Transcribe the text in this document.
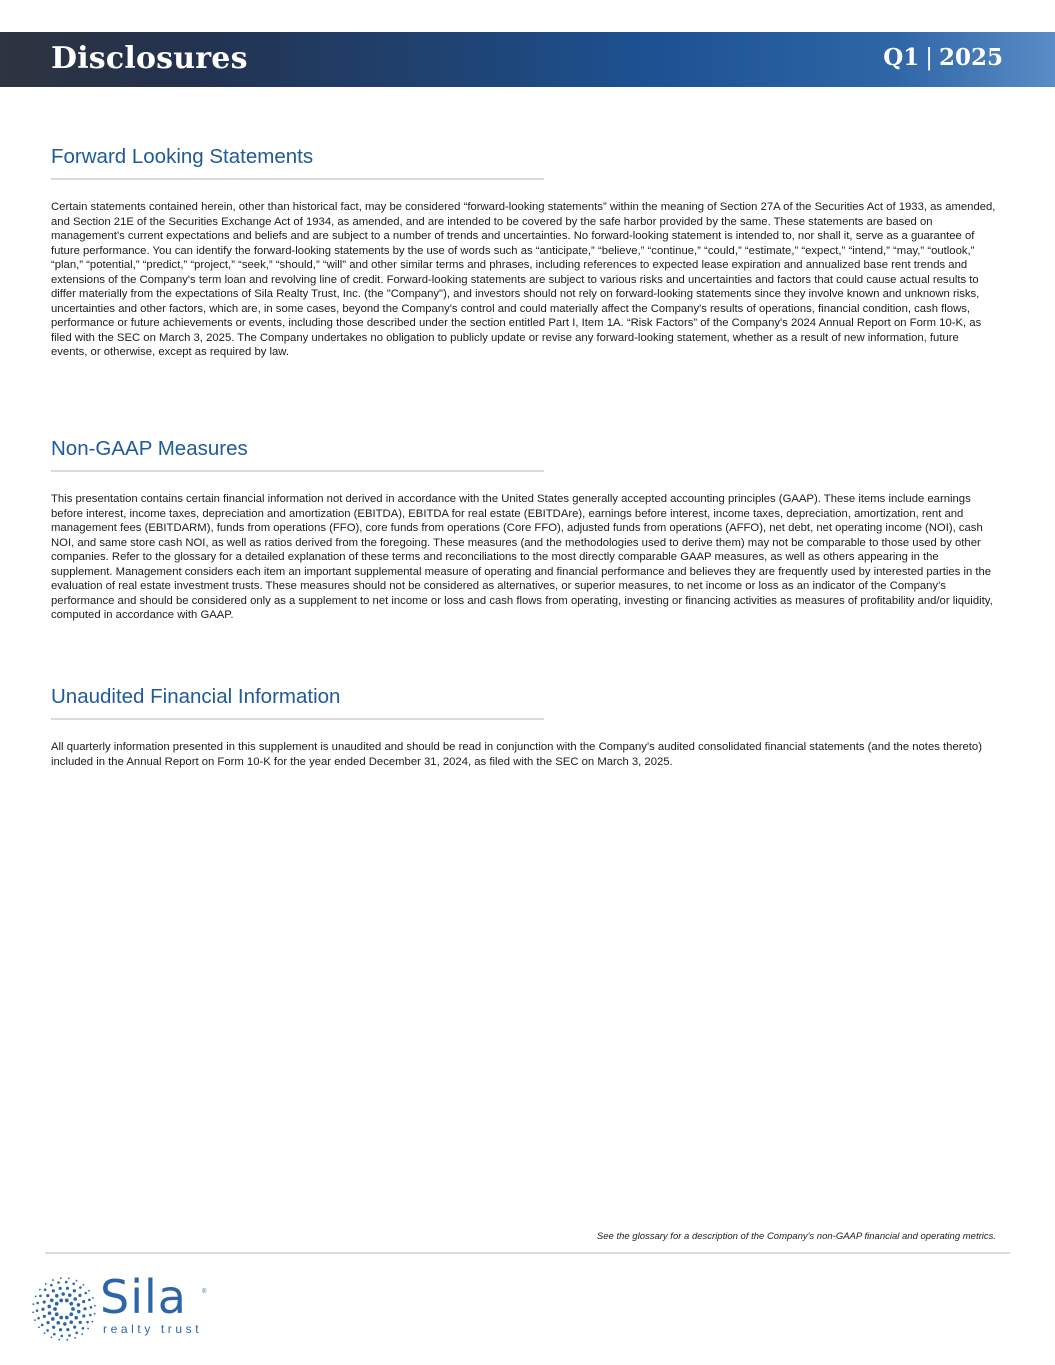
Disclosures	Q1 | 2025
Forward Looking Statements

Certain statements contained herein, other than historical fact, may be considered “forward-looking statements” within the meaning of Section 27A of the Securities Act of 1933, as amended, and Section 21E of the Securities Exchange Act of 1934, as amended, and are intended to be covered by the safe harbor provided by the same. These statements are based on management's current expectations and beliefs and are subject to a number of trends and uncertainties. No forward-looking statement is intended to, nor shall it, serve as a guarantee of future performance. You can identify the forward-looking statements by the use of words such as “anticipate,” “believe,” “continue,” “could,” “estimate,” “expect,” “intend,” “may,” “outlook,” “plan,” “potential,” “predict,” “project,” “seek,” “should,” “will” and other similar terms and phrases, including references to expected lease expiration and annualized base rent trends and extensions of the Company's term loan and revolving line of credit. Forward-looking statements are subject to various risks and uncertainties and factors that could cause actual results to differ materially from the expectations of Sila Realty Trust, Inc. (the "Company"), and investors should not rely on forward-looking statements since they involve known and unknown risks, uncertainties and other factors, which are, in some cases, beyond the Company's control and could materially affect the Company's results of operations, financial condition, cash flows, performance or future achievements or events, including those described under the section entitled Part I, Item 1A. “Risk Factors” of the Company's 2024 Annual Report on Form 10-K, as filed with the SEC on March 3, 2025. The Company undertakes no obligation to publicly update or revise any forward-looking statement, whether as a result of new information, future events, or otherwise, except as required by law.

Non-GAAP Measures

This presentation contains certain financial information not derived in accordance with the United States generally accepted accounting principles (GAAP). These items include earnings before interest, income taxes, depreciation and amortization (EBITDA), EBITDA for real estate (EBITDAre), earnings before interest, income taxes, depreciation, amortization, rent and management fees (EBITDARM), funds from operations (FFO), core funds from operations (Core FFO), adjusted funds from operations (AFFO), net debt, net operating income (NOI), cash NOI, and same store cash NOI, as well as ratios derived from the foregoing. These measures (and the methodologies used to derive them) may not be comparable to those used by other companies. Refer to the glossary for a detailed explanation of these terms and reconciliations to the most directly comparable GAAP measures, as well as others appearing in the supplement. Management considers each item an important supplemental measure of operating and financial performance and believes they are frequently used by interested parties in the evaluation of real estate investment trusts. These measures should not be considered as alternatives, or superior measures, to net income or loss as an indicator of the Company's performance and should be considered only as a supplement to net income or loss and cash flows from operating, investing or financing activities as measures of profitability and/or liquidity, computed in accordance with GAAP.

Unaudited Financial Information

All quarterly information presented in this supplement is unaudited and should be read in conjunction with the Company's audited consolidated financial statements (and the notes thereto) included in the Annual Report on Form 10-K for the year ended December 31, 2024, as filed with the SEC on March 3, 2025.

See the glossary for a description of the Company's non-GAAP financial and operating metrics.
Sila	®
realty trust
